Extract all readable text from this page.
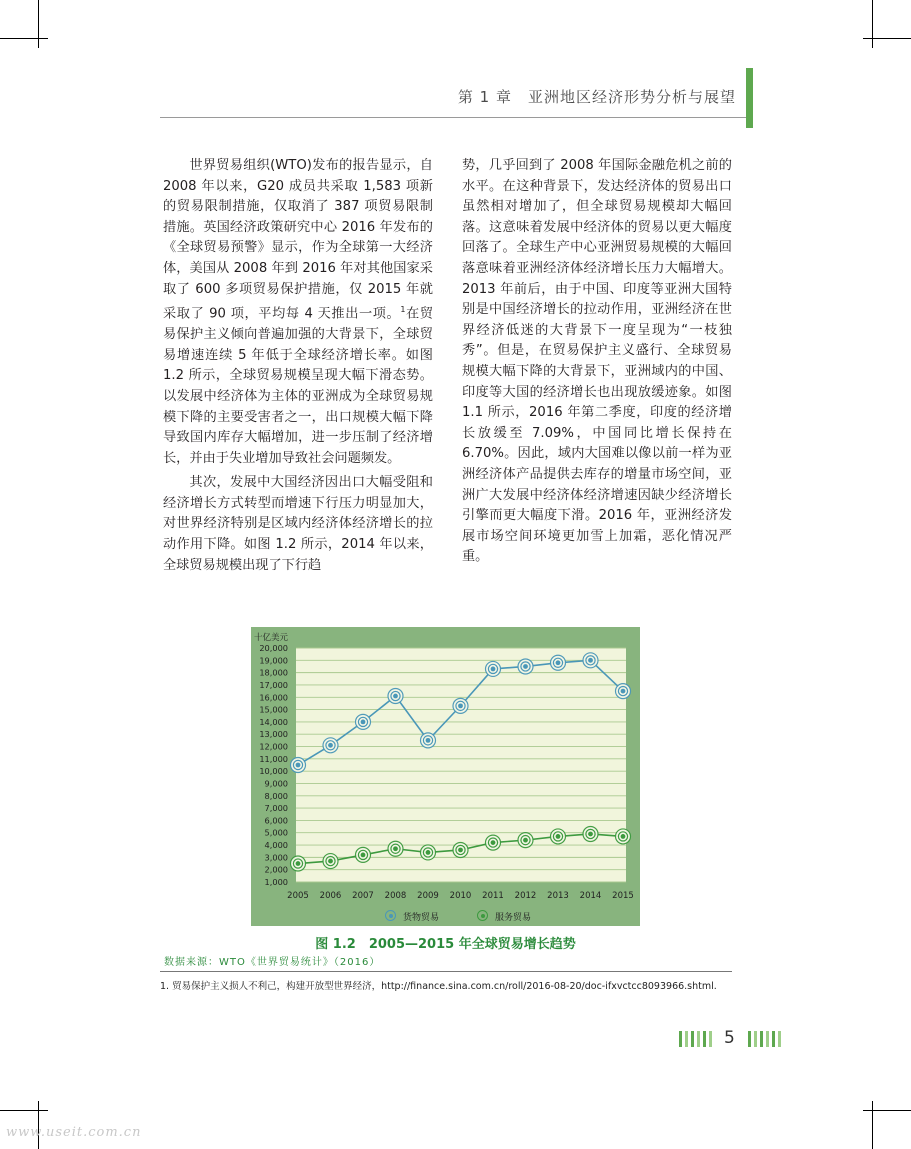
第 1 章　亚洲地区经济形势分析与展望

世界贸易组织(WTO)发布的报告显示，自 2008 年以来，G20 成员共采取 1,583 项新的贸易限制措施，仅取消了 387 项贸易限制措施。英国经济政策研究中心 2016 年发布的《全球贸易预警》显示，作为全球第一大经济体，美国从 2008 年到 2016 年对其他国家采取了 600 多项贸易保护措施，仅 2015 年就采取了 90 项，平均每 4 天推出一项。$^1$在贸易保护主义倾向普遍加强的大背景下，全球贸易增速连续 5 年低于全球经济增长率。如图 1.2 所示，全球贸易规模呈现大幅下滑态势。以发展中经济体为主体的亚洲成为全球贸易规模下降的主要受害者之一，出口规模大幅下降导致国内库存大幅增加，进一步压制了经济增长，并由于失业增加导致社会问题频发。

其次，发展中大国经济因出口大幅受阻和经济增长方式转型而增速下行压力明显加大，对世界经济特别是区域内经济体经济增长的拉动作用下降。如图 1.2 所示，2014 年以来，全球贸易规模出现了下行趋

势，几乎回到了 2008 年国际金融危机之前的水平。在这种背景下，发达经济体的贸易出口虽然相对增加了，但全球贸易规模却大幅回落。这意味着发展中经济体的贸易以更大幅度回落了。全球生产中心亚洲贸易规模的大幅回落意味着亚洲经济体经济增长压力大幅增大。2013 年前后，由于中国、印度等亚洲大国特别是中国经济增长的拉动作用，亚洲经济在世界经济低迷的大背景下一度呈现为“一枝独秀”。但是，在贸易保护主义盛行、全球贸易规模大幅下降的大背景下，亚洲域内的中国、印度等大国的经济增长也出现放缓迹象。如图 1.1 所示，2016 年第二季度，印度的经济增长放缓至 7.09%，中国同比增长保持在 6.70%。因此，域内大国难以像以前一样为亚洲经济体产品提供去库存的增量市场空间，亚洲广大发展中经济体经济增速因缺少经济增长引擎而更大幅度下滑。2016 年，亚洲经济发展市场空间环境更加雪上加霜，恶化情况严重。

十亿美元
1,000
2,000
3,000
4,000
5,000
6,000
7,000
8,000
9,000
10,000
11,000
12,000
13,000
14,000
15,000
16,000
17,000
18,000
19,000
20,000
2005 2006 2007 2008 2009 2010 2011 2012 2013 2014 2015
货物贸易	服务贸易
图 1.2　2005—2015 年全球贸易增长趋势
数据来源：WTO《世界贸易统计》（2016）
1. 贸易保护主义损人不利己，构建开放型世界经济，http://finance.sina.com.cn/roll/2016-08-20/doc-ifxvctcc8093966.shtml.
5
www.useit.com.cn
